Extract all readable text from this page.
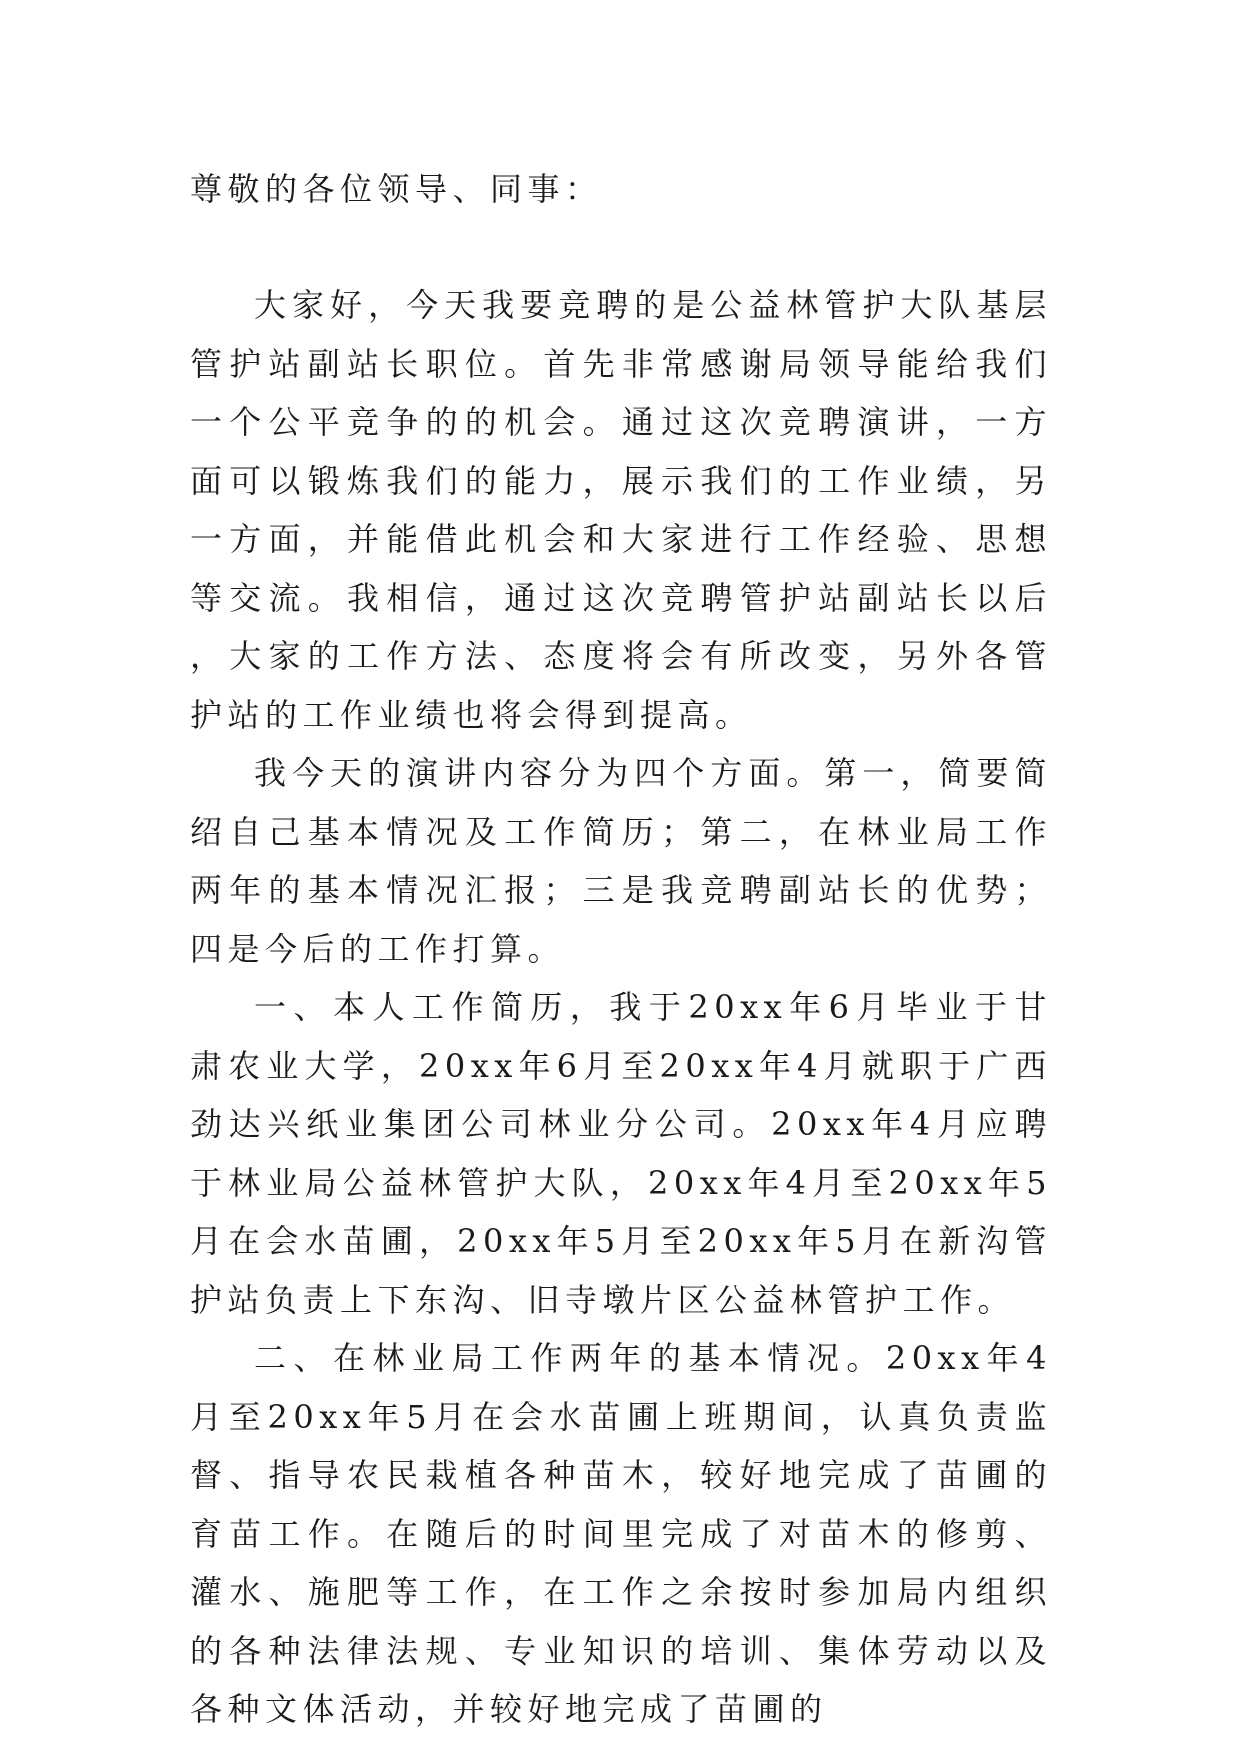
尊敬的各位领导、同事：

大家好，今天我要竞聘的是公益林管护大队基层管护站副站长职位。首先非常感谢局领导能给我们一个公平竞争的的机会。通过这次竞聘演讲，一方面可以锻炼我们的能力，展示我们的工作业绩，另一方面，并能借此机会和大家进行工作经验、思想等交流。我相信，通过这次竞聘管护站副站长以后，大家的工作方法、态度将会有所改变，另外各管护站的工作业绩也将会得到提高。

我今天的演讲内容分为四个方面。第一，简要简绍自己基本情况及工作简历；第二，在林业局工作两年的基本情况汇报；三是我竞聘副站长的优势；四是今后的工作打算。

一、本人工作简历，我于20xx年6月毕业于甘肃农业大学，20xx年6月至20xx年4月就职于广西劲达兴纸业集团公司林业分公司。20xx年4月应聘于林业局公益林管护大队，20xx年4月至20xx年5月在会水苗圃，20xx年5月至20xx年5月在新沟管护站负责上下东沟、旧寺墩片区公益林管护工作。

二、在林业局工作两年的基本情况。20xx年4月至20xx年5月在会水苗圃上班期间，认真负责监督、指导农民栽植各种苗木，较好地完成了苗圃的育苗工作。在随后的时间里完成了对苗木的修剪、灌水、施肥等工作，在工作之余按时参加局内组织的各种法律法规、专业知识的培训、集体劳动以及各种文体活动，并较好地完成了苗圃的
